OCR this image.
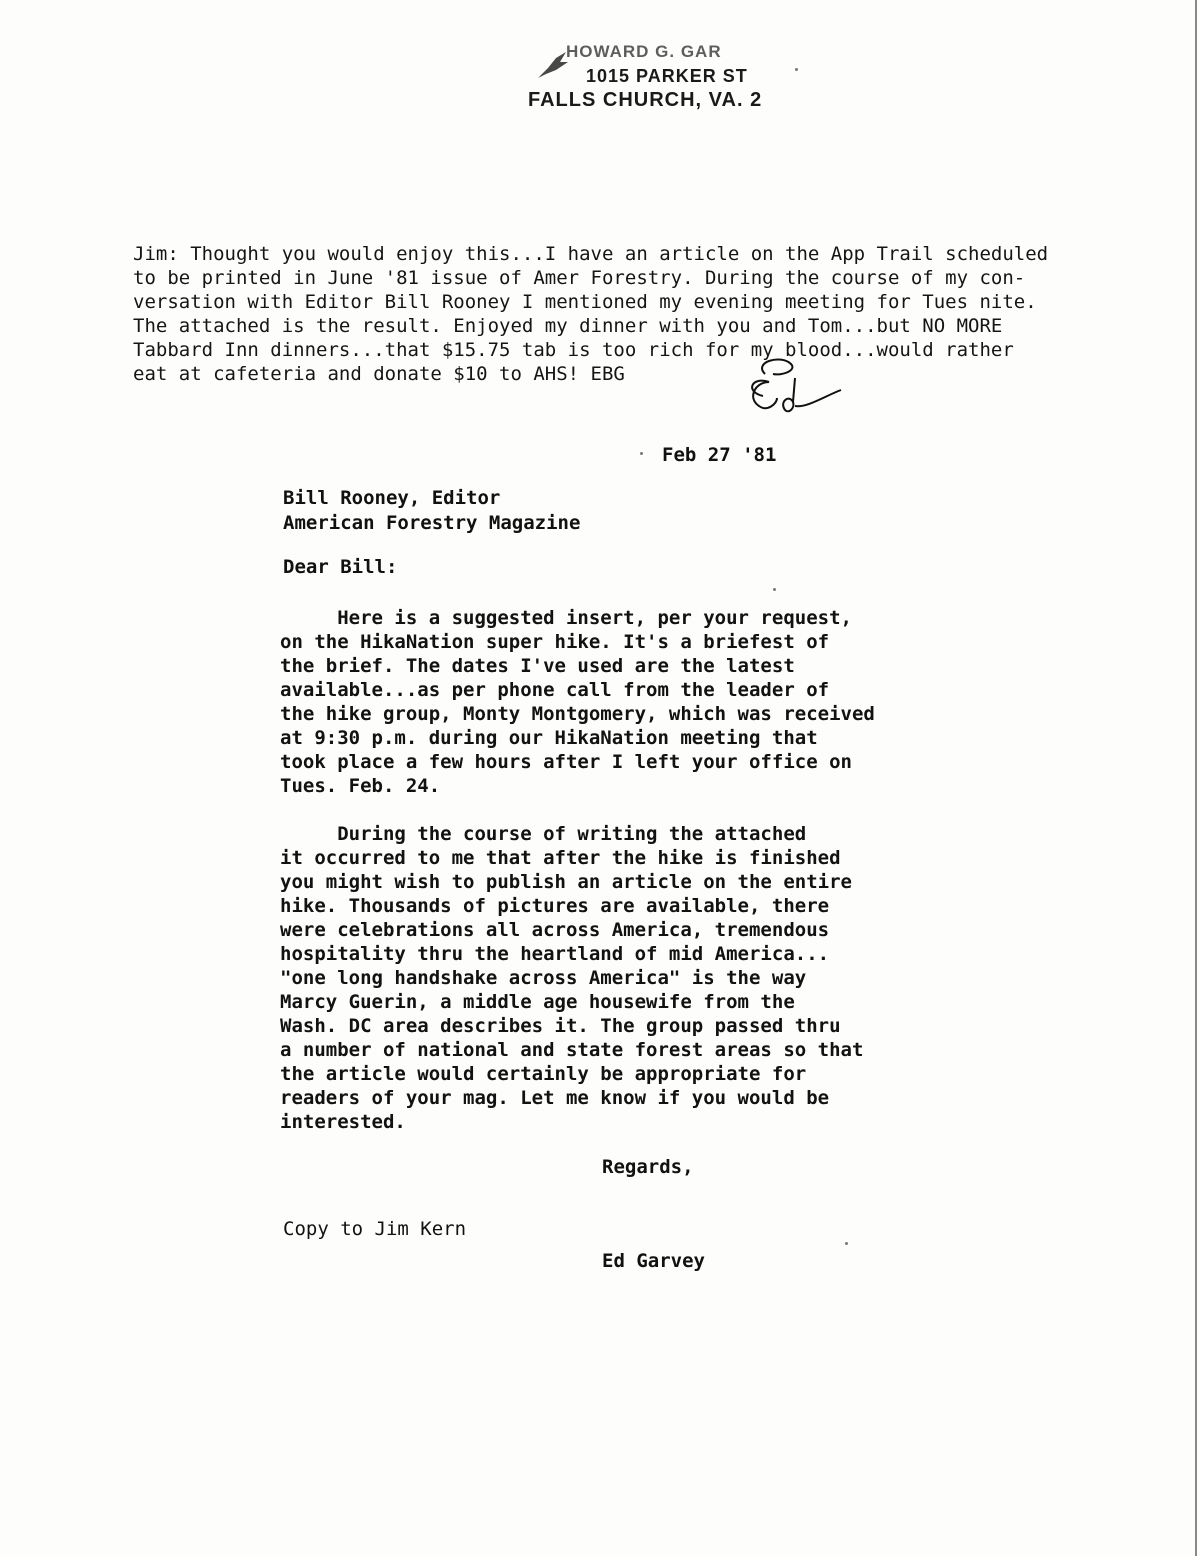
HOWARD G. GAR
1015 PARKER ST
FALLS CHURCH, VA. 2
Jim: Thought you would enjoy this...I have an article on the App Trail scheduled
to be printed in June '81 issue of Amer Forestry. During the course of my con-
versation with Editor Bill Rooney I mentioned my evening meeting for Tues nite.
The attached is the result. Enjoyed my dinner with you and Tom...but NO MORE
Tabbard Inn dinners...that $15.75 tab is too rich for my blood...would rather
eat at cafeteria and donate $10 to AHS! EBG
Feb 27 '81
Bill Rooney, Editor
American Forestry Magazine
Dear Bill:
Here is a suggested insert, per your request,
on the HikaNation super hike. It's a briefest of
the brief. The dates I've used are the latest
available...as per phone call from the leader of
the hike group, Monty Montgomery, which was received
at 9:30 p.m. during our HikaNation meeting that
took place a few hours after I left your office on
Tues. Feb. 24.
During the course of writing the attached
it occurred to me that after the hike is finished
you might wish to publish an article on the entire
hike. Thousands of pictures are available, there
were celebrations all across America, tremendous
hospitality thru the heartland of mid America...
"one long handshake across America" is the way
Marcy Guerin, a middle age housewife from the
Wash. DC area describes it. The group passed thru
a number of national and state forest areas so that
the article would certainly be appropriate for
readers of your mag. Let me know if you would be
interested.
Regards,
Copy to Jim Kern
Ed Garvey
